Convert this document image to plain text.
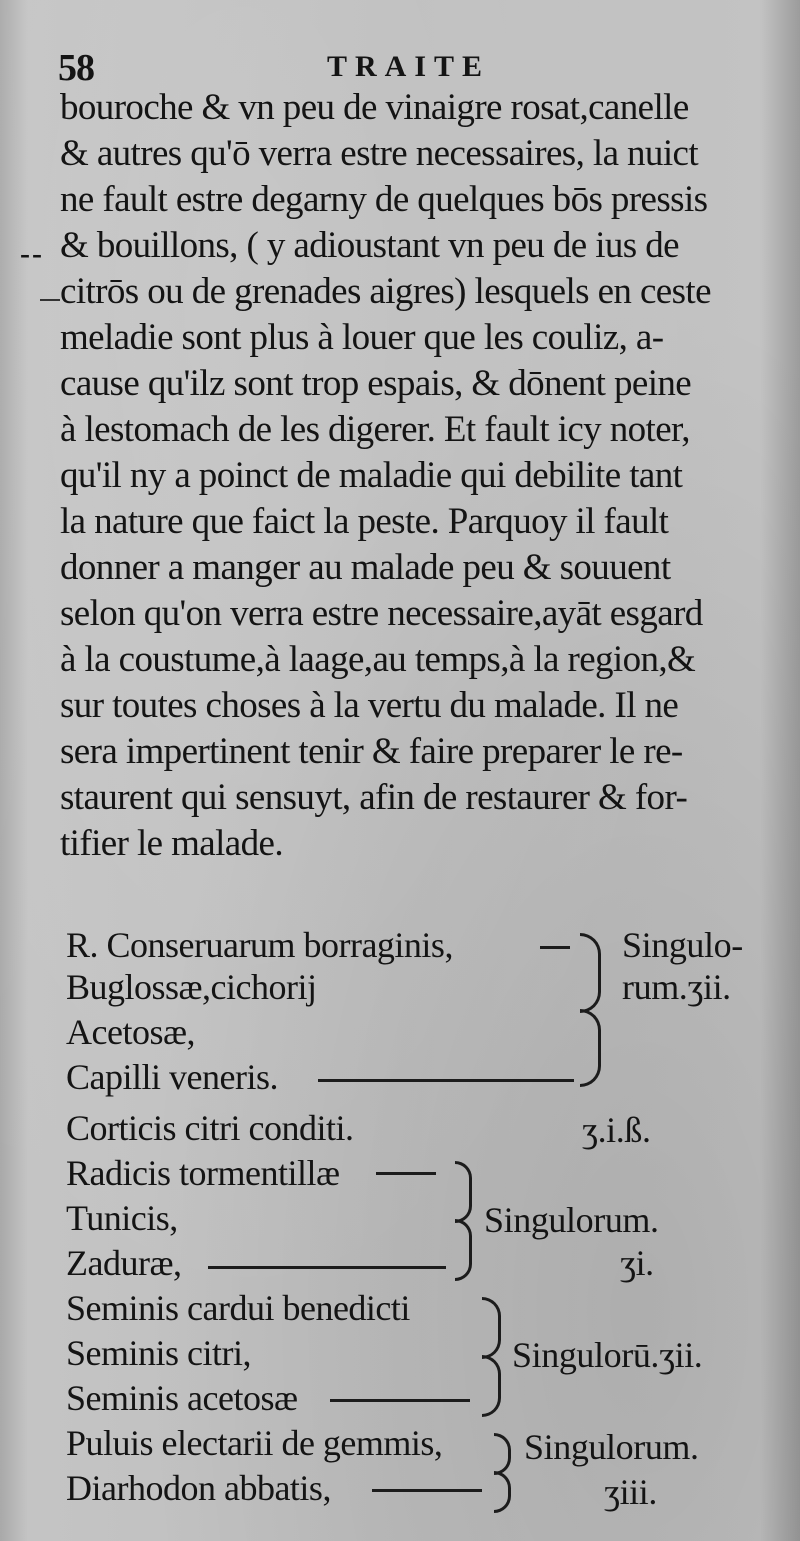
58	TRAITE
--
bouroche & vn peu de vinaigre rosat,canelle
& autres qu'ō verra estre necessaires, la nuict
ne fault estre degarny de quelques bōs pressis
& bouillons, ( y adioustant vn peu de ius de
citrōs ou de grenades aigres) lesquels en ceste
meladie sont plus à louer que les couliz, a-
cause qu'ilz sont trop espais, & dōnent peine
à lestomach de les digerer. Et fault icy noter,
qu'il ny a poinct de maladie qui debilite tant
la nature que faict la peste. Parquoy il fault
donner a manger au malade peu & souuent
selon qu'on verra estre necessaire,ayāt esgard
à la coustume,à laage,au temps,à la region,&
sur toutes choses à la vertu du malade. Il ne
sera impertinent tenir & faire preparer le re-
staurent qui sensuyt, afin de restaurer & for-
tifier le malade.
R. Conseruarum borraginis,
Buglossæ,cichorij
Acetosæ,
Capilli veneris.
Singulo-
rum.ʒii.
Corticis citri conditi.	ʒ.i.ß.
Radicis tormentillæ
Tunicis,
Zaduræ,
Singulorum.
ʒi.
Seminis cardui benedicti
Seminis citri,
Seminis acetosæ
Singulorū.ʒii.
Puluis electarii de gemmis,
Diarhodon abbatis,
Singulorum.
ʒiii.
